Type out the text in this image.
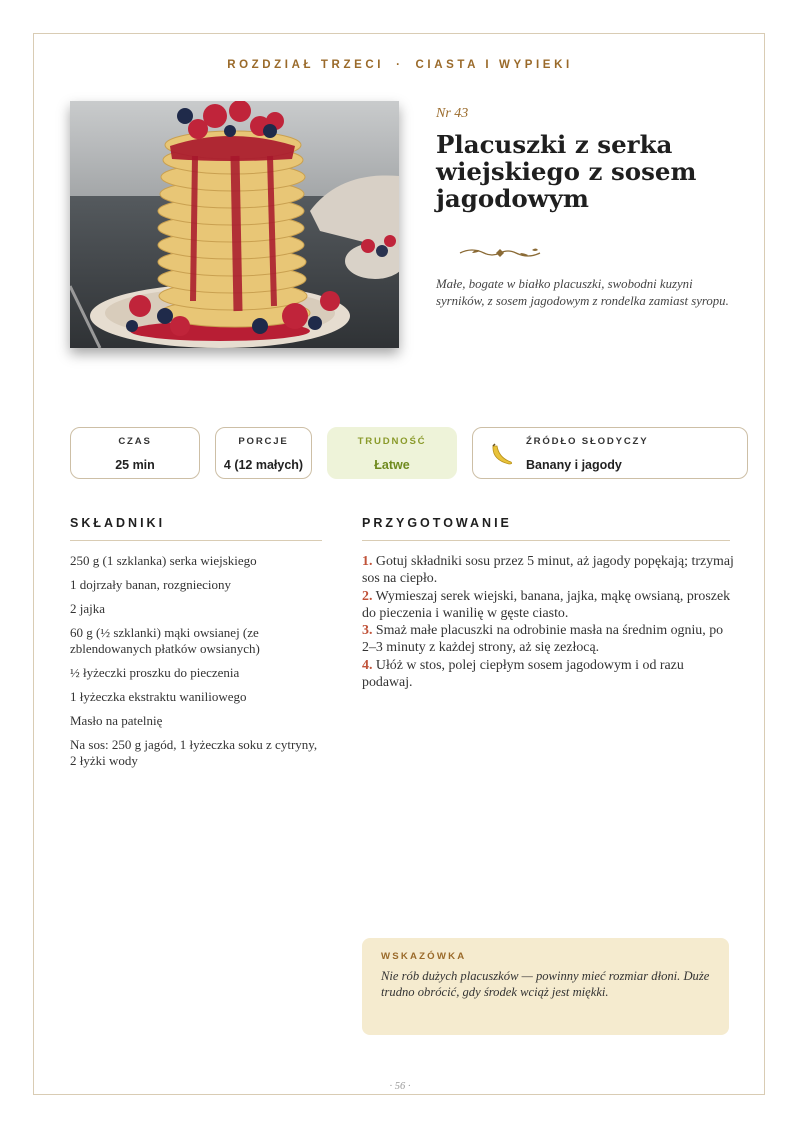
ROZDZIAŁ TRZECI · CIASTA I WYPIEKI
Nr 43
Placuszki z serka wiejskiego z sosem jagodowym

Małe, bogate w białko placuszki, swobodni kuzyni syrników, z sosem jagodowym z rondelka zamiast syropu.

CZAS
25 min
PORCJE
4 (12 małych)
TRUDNOŚĆ
Łatwe
ŹRÓDŁO SŁODYCZY
Banany i jagody
SKŁADNIKI
250 g (1 szklanka) serka wiejskiego
1 dojrzały banan, rozgnieciony
2 jajka
60 g (½ szklanki) mąki owsianej (ze zblendowanych płatków owsianych)
½ łyżeczki proszku do pieczenia
1 łyżeczka ekstraktu waniliowego
Masło na patelnię
Na sos: 250 g jagód, 1 łyżeczka soku z cytryny, 2 łyżki wody
PRZYGOTOWANIE
1. Gotuj składniki sosu przez 5 minut, aż jagody popękają; trzymaj sos na ciepło.
2. Wymieszaj serek wiejski, banana, jajka, mąkę owsianą, proszek do pieczenia i wanilię w gęste ciasto.
3. Smaż małe placuszki na odrobinie masła na średnim ogniu, po 2–3 minuty z każdej strony, aż się zezłocą.
4. Ułóż w stos, polej ciepłym sosem jagodowym i od razu podawaj.
WSKAZÓWKA
Nie rób dużych placuszków — powinny mieć rozmiar dłoni. Duże trudno obrócić, gdy środek wciąż jest miękki.
· 56 ·
